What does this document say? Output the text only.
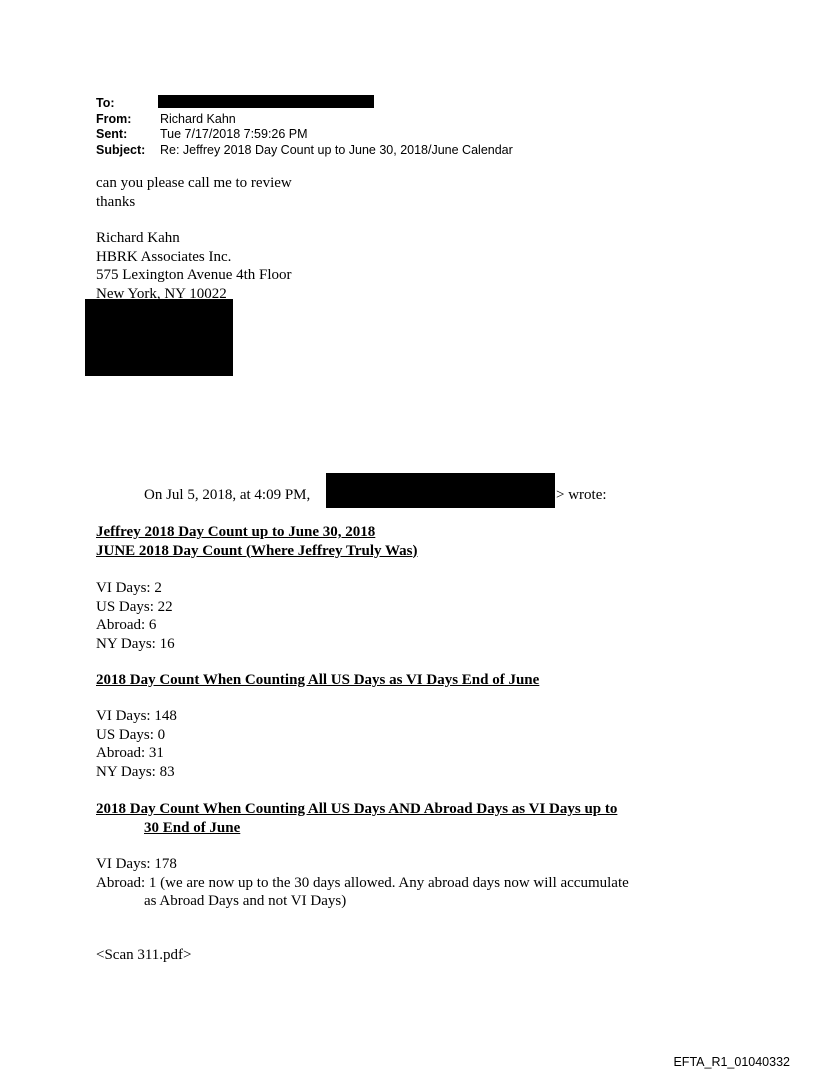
To:
From:	Richard Kahn
Sent:	Tue 7/17/2018 7:59:26 PM
Subject:	Re: Jeffrey 2018 Day Count up to June 30, 2018/June Calendar
can you please call me to review
thanks
Richard Kahn
HBRK Associates Inc.
575 Lexington Avenue 4th Floor
New York, NY 10022
On Jul 5, 2018, at 4:09 PM,	> wrote:
Jeffrey 2018 Day Count up to June 30, 2018
JUNE 2018 Day Count (Where Jeffrey Truly Was)
VI Days: 2
US Days: 22
Abroad: 6
NY Days: 16
2018 Day Count When Counting All US Days as VI Days End of June
VI Days: 148
US Days: 0
Abroad: 31
NY Days: 83
2018 Day Count When Counting All US Days AND Abroad Days as VI Days up to
30 End of June
VI Days: 178
Abroad: 1 (we are now up to the 30 days allowed. Any abroad days now will accumulate
as Abroad Days and not VI Days)
<Scan 311.pdf>
EFTA_R1_01040332
